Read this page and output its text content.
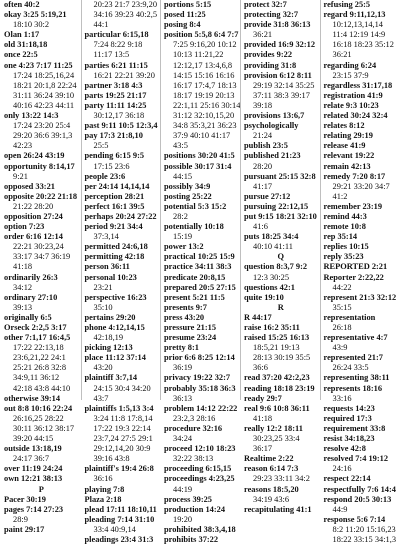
often 40:2
okay 3:25 5:19,21
18:10 30:2
Olan 1:17
old 31:18,18
once 22:5
one 4:23 7:17 11:25
17:24 18:25,16,24
18:21 20:1,8 22:24
31:11 36:24 39:10
40:16 42:23 44:11
only 13:22 14:3
17:24 23:20 25:4
29:20 36:6 39:1,3
42:23
open 26:24 43:19
opportunity 8:14,17
9:21
opposed 33:21
opposite 20:22 21:18
21:22 28:20
opposition 27:24
option 7:23
order 6:16 12:14
22:21 30:23,24
33:17 34:7 36:19
41:18
ordinarily 26:3
34:12
ordinary 27:10
39:13
originally 6:5
Orseck 2:2,5 3:17
other 7:1,17 16:4,5
17:22 22:13,18
23:6,21,22 24:1
25:21 26:8 32:8
34:9,11 36:12
42:18 43:8 44:10
otherwise 39:14
out 8:8 10:16 22:24
26:16,25 28:22
30:11 36:12 38:17
39:20 44:15
outside 13:18,19
24:17 36:7
over 11:19 24:24
own 12:21 38:13
P
Pacer 30:19
pages 7:14 27:23
28:9
paint 29:17
20:23 21:7 23:9,20
34:16 39:23 40:2,5
44:1
particular 6:15,18
7:24 8:22 9:18
11:17 13:5
parties 6:21 11:15
16:21 22:21 39:20
partner 3:18 4:3
parts 19:25 21:17
party 11:11 14:25
30:12,17 36:18
past 9:11 10:5 12:3,4
pay 17:3 21:8,10
25:5
pending 6:15 9:5
17:15 23:6
people 23:6
per 24:14 14,14,14
perception 28:21
perfect 16:1 39:5
perhaps 20:24 27:22
period 9:21 34:4
37:3,14
permitted 24:6,18
permitting 42:18
person 36:11
personal 10:23
23:21
perspective 16:23
35:10
pertains 29:20
phone 4:12,14,15
42:18,19
picking 12:13
place 11:12 37:14
43:20
plaintiff 3:7,14
24:15 30:4 34:20
43:7
plaintiffs 1:5,13 3:4
3:24 11:8 17:8,14
17:22 19:3 22:14
23:7,24 27:5 29:1
29:12,14,20 30:9
39:16 43:8
plaintiff's 19:4 26:8
36:16
playing 7:8
Plaza 2:18
plead 17:11 18:10,11
pleading 7:14 31:10
33:4 40:9,14
pleadings 23:4 31:3
portions 5:15
posed 11:25
posing 8:4
position 5:5,8 6:4 7:7
7:25 9:16,20 10:12
10:13 11:21,22
12:12,17 13:4,6,8
14:15 15:16 16:16
16:17 17:4,7 18:13
18:17 19:19 20:13
22:1,11 25:16 30:14
31:12 32:10,15,20
34:8 35:3,21 36:23
37:9 40:10 41:17
43:5
positions 30:20 41:5
possible 30:17 31:4
44:15
possibly 34:9
posting 25:22
potential 5:3 15:2
28:2
potentially 10:18
15:19
power 13:2
practical 10:25 15:9
practice 34:11 38:3
predicate 20:8,15
prepared 20:5 27:15
present 5:21 11:5
presents 9:7
press 43:20
pressure 21:15
presume 23:24
pretty 8:1
prior 6:6 8:25 12:14
36:19
privacy 19:22 32:7
probably 35:18 36:3
36:13
problem 14:12 22:22
23:2,3 28:16
procedure 32:16
34:24
proceed 12:10 18:23
32:22 38:13
proceeding 6:15,15
proceedings 4:23,25
44:19
process 39:25
production 14:24
19:20
prohibited 38:3,4,18
prohibits 37:22
protect 32:7
protecting 32:7
provide 31:8 36:13
36:21
provided 16:9 32:12
provides 9:22
providing 31:8
provision 6:12 8:11
29:19 32:14 35:25
37:11 38:3 39:17
39:18
provisions 13:6,7
psychologically
21:24
publish 23:5
published 21:23
28:20
pursuant 25:15 32:8
41:17
pursue 27:12
pursuing 22:12,15
put 9:15 18:21 32:10
41:6
puts 18:25 34:4
40:10 41:11
Q
question 8:3,7 9:2
12:3 30:25
questions 42:1
quite 19:10
R
R 44:17
raise 16:2 35:11
raised 15:25 16:13
18:5,21 19:13
28:13 30:19 35:5
36:6
read 37:20 42:2,23
reading 18:18 23:19
ready 29:7
real 9:6 10:8 36:11
41:18
really 12:2 18:11
30:23,25 33:4
36:17
Realtime 2:22
reason 6:14 7:3
29:23 33:11 34:2
reasons 18:5,20
34:19 43:6
recapitulating 41:1
refusing 25:5
regard 9:11,12,13
10:12,13,14,14
11:4 12:19 14:9
16:18 18:23 35:12
36:21
regarding 6:24
23:15 37:9
regardless 31:17,18
registration 41:9
relate 9:3 10:23
related 30:24 32:4
relates 8:12
relating 29:19
release 41:9
relevant 19:22
remain 42:13
remedy 7:20 8:17
29:21 33:20 34:7
41:2
remember 23:19
remind 44:3
remote 10:8
rep 35:14
replies 10:15
reply 35:23
REPORTED 2:21
Reporter 2:22,22
44:22
represent 21:3 32:12
35:15
representation
26:18
representative 4:7
43:9
represented 21:7
26:24 33:5
representing 38:11
represents 18:16
33:16
requests 14:23
required 17:3
requirement 33:8
resist 34:18,23
resolve 42:8
resolved 7:4 19:12
24:16
respect 22:14
respectfully 7:6 14:4
respond 20:5 30:13
44:9
response 5:6 7:14
8:2 11:20 15:16,23
18:22 33:15 34:1,3
